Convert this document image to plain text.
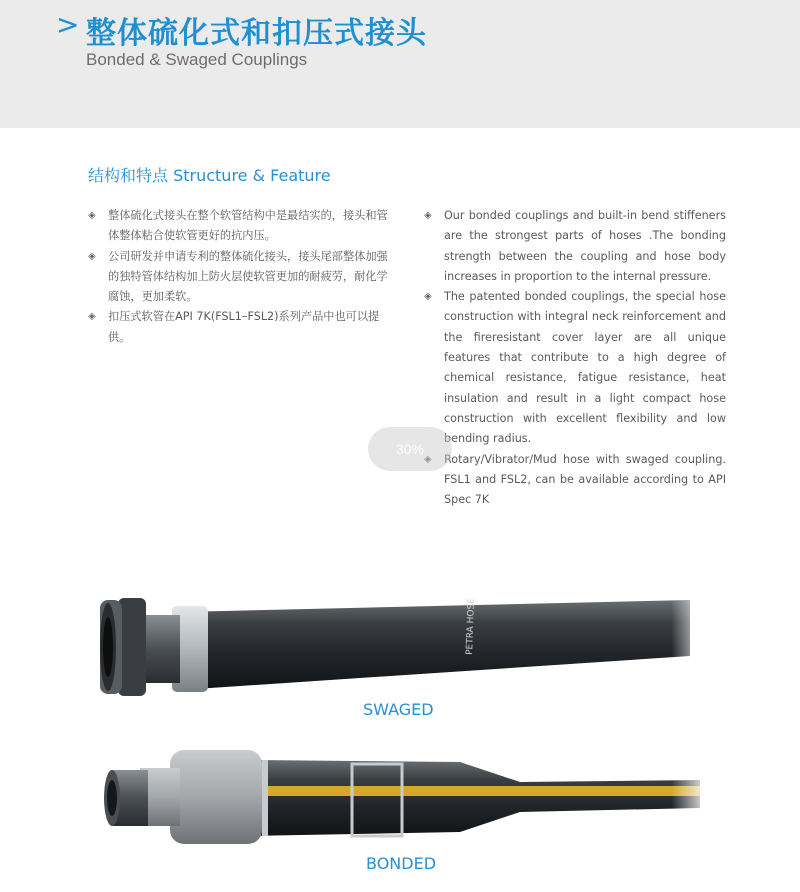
> 整体硫化式和扣压式接头
Bonded & Swaged Couplings
结构和特点 Structure & Feature
◈ 整体硫化式接头在整个软管结构中是最结实的，接头和管体整体粘合使软管更好的抗内压。
◈ 公司研发并申请专利的整体硫化接头，接头尾部整体加强的独特管体结构加上防火层使软管更加的耐疲劳，耐化学腐蚀，更加柔软。
◈ 扣压式软管在API 7K(FSL1–FSL2)系列产品中也可以提供。
◈ Our bonded couplings and built-in bend stiffeners are the strongest parts of hoses .The bonding strength between the coupling and hose body increases in proportion to the internal pressure.
◈ The patented bonded couplings, the special hose construction with integral neck reinforcement and the fireresistant cover layer are all unique features that contribute to a high degree of chemical resistance, fatigue resistance, heat insulation and result in a light compact hose construction with excellent flexibility and low bending radius.
◈ Rotary/Vibrator/Mud hose with swaged coupling. FSL1 and FSL2, can be available according to API Spec 7K
30%
PETRA HOSE
SWAGED
BONDED
